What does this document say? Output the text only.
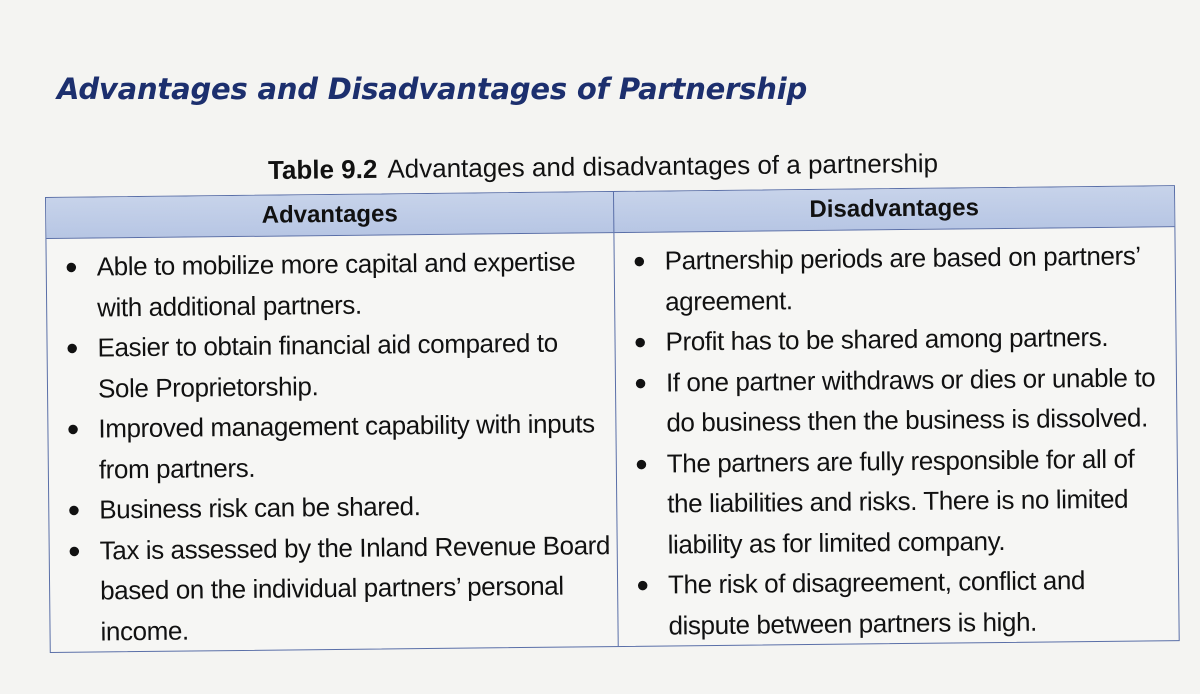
Advantages and Disadvantages of Partnership
Table 9.2 Advantages and disadvantages of a partnership
Advantages	Disadvantages
● Able to mobilize more capital and expertise with additional partners.
● Easier to obtain financial aid compared to Sole Proprietorship.
● Improved management capability with inputs from partners.
● Business risk can be shared.
● Tax is assessed by the Inland Revenue Board based on the individual partners’ personal income.
● Partnership periods are based on partners’ agreement.
● Profit has to be shared among partners.
● If one partner withdraws or dies or unable to do business then the business is dissolved.
● The partners are fully responsible for all of the liabilities and risks. There is no limited liability as for limited company.
● The risk of disagreement, conflict and dispute between partners is high.
